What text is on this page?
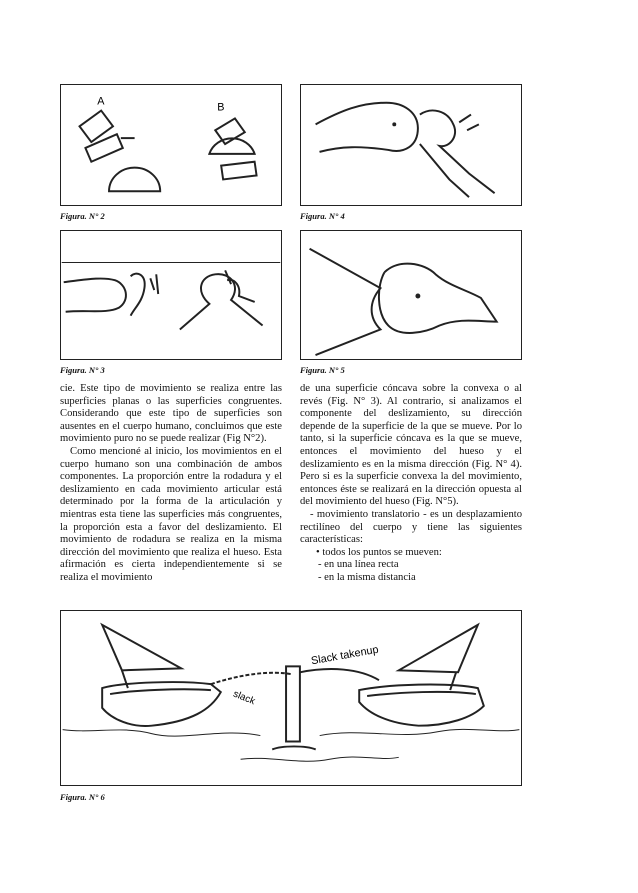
A	B
Figura. N° 2	Figura. N° 4
Figura. N° 3	Figura. N° 5

cie. Este tipo de movimiento se realiza entre las superficies planas o las superficies congruentes. Considerando que este tipo de superficies son ausentes en el cuerpo humano, concluimos que este movimiento puro no se puede realizar (Fig N°2).

Como mencioné al inicio, los movimientos en el cuerpo humano son una combinación de ambos componentes. La proporción entre la rodadura y el deslizamiento en cada movimiento articular está determinado por la forma de la articulación y mientras esta tiene las superficies más congruentes, la proporción esta a favor del deslizamiento. El movimiento de rodadura se realiza en la misma dirección del movimiento que realiza el hueso. Esta afirmación es cierta independientemente si se realiza el movimiento

de una superficie cóncava sobre la convexa o al revés (Fig. N° 3). Al contrario, si analizamos el componente del deslizamiento, su dirección depende de la superficie de la que se mueve. Por lo tanto, si la superficie cóncava es la que se mueve, entonces el movimiento del hueso y el deslizamiento es en la misma dirección (Fig. N° 4). Pero si es la superficie convexa la del movimiento, entonces éste se realizará en la dirección opuesta al del movimiento del hueso (Fig. N°5).

- movimiento translatorio - es un desplazamiento rectilíneo del cuerpo y tiene las siguientes características:

• todos los puntos se mueven:

- en una línea recta

- en la misma distancia

Slack takenup
slack
Figura. N° 6
